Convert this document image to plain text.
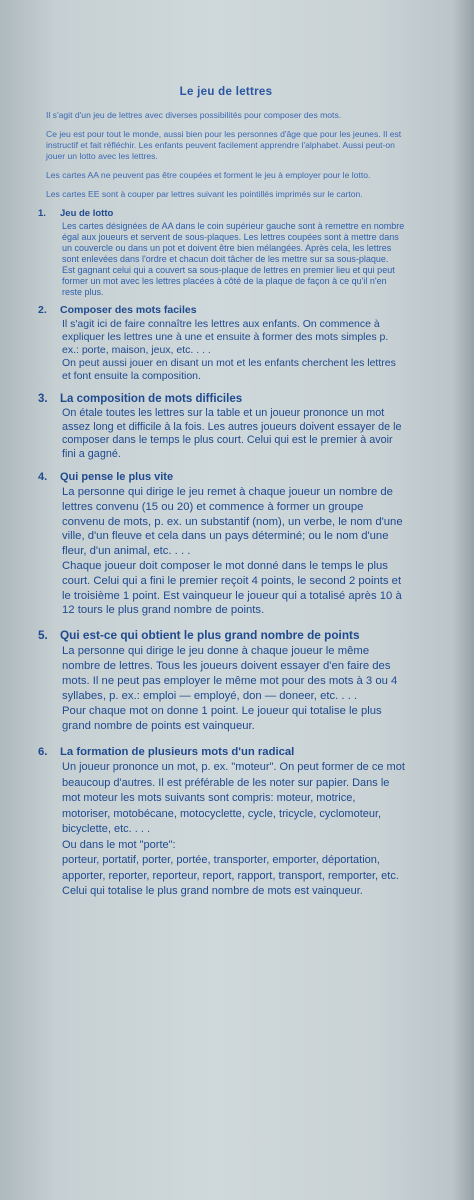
Le jeu de lettres

Il s'agit d'un jeu de lettres avec diverses possibilités pour composer des mots.

Ce jeu est pour tout le monde, aussi bien pour les personnes d'âge que pour les jeunes. Il est instructif et fait réfléchir. Les enfants peuvent facilement apprendre l'alphabet. Aussi peut-on jouer un lotto avec les lettres.

Les cartes AA ne peuvent pas être coupées et forment le jeu à employer pour le lotto.

Les cartes EE sont à couper par lettres suivant les pointillés imprimés sur le carton.

1.	Jeu de lotto

Les cartes désignées de AA dans le coin supérieur gauche sont à remettre en nombre égal aux joueurs et servent de sous-plaques. Les lettres coupées sont à mettre dans un couvercle ou dans un pot et doivent être bien mélangées. Après cela, les lettres sont enlevées dans l'ordre et chacun doit tâcher de les mettre sur sa sous-plaque.

Est gagnant celui qui a couvert sa sous-plaque de lettres en premier lieu et qui peut former un mot avec les lettres placées à côté de la plaque de façon à ce qu'il n'en reste plus.

2.	Composer des mots faciles

Il s'agit ici de faire connaître les lettres aux enfants. On commence à expliquer les lettres une à une et ensuite à former des mots simples p. ex.: porte, maison, jeux, etc. . . .

On peut aussi jouer en disant un mot et les enfants cherchent les lettres et font ensuite la composition.

3.	La composition de mots difficiles

On étale toutes les lettres sur la table et un joueur prononce un mot assez long et difficile à la fois. Les autres joueurs doivent essayer de le composer dans le temps le plus court. Celui qui est le premier à avoir fini a gagné.

4.	Qui pense le plus vite

La personne qui dirige le jeu remet à chaque joueur un nombre de lettres convenu (15 ou 20) et commence à former un groupe convenu de mots, p. ex. un substantif (nom), un verbe, le nom d'une ville, d'un fleuve et cela dans un pays déterminé; ou le nom d'une fleur, d'un animal, etc. . . .

Chaque joueur doit composer le mot donné dans le temps le plus court. Celui qui a fini le premier reçoit 4 points, le second 2 points et le troisième 1 point. Est vainqueur le joueur qui a totalisé après 10 à 12 tours le plus grand nombre de points.

5.	Qui est-ce qui obtient le plus grand nombre de points

La personne qui dirige le jeu donne à chaque joueur le même nombre de lettres. Tous les joueurs doivent essayer d'en faire des mots. Il ne peut pas employer le même mot pour des mots à 3 ou 4 syllabes, p. ex.: emploi — employé, don — doneer, etc. . . .

Pour chaque mot on donne 1 point. Le joueur qui totalise le plus grand nombre de points est vainqueur.

6.	La formation de plusieurs mots d'un radical

Un joueur prononce un mot, p. ex. "moteur". On peut former de ce mot beaucoup d'autres. Il est préférable de les noter sur papier. Dans le mot moteur les mots suivants sont compris: moteur, motrice, motoriser, motobécane, motocyclette, cycle, tricycle, cyclomoteur, bicyclette, etc. . . .

Ou dans le mot "porte":

porteur, portatif, porter, portée, transporter, emporter, déportation, apporter, reporter, reporteur, report, rapport, transport, remporter, etc.

Celui qui totalise le plus grand nombre de mots est vainqueur.
